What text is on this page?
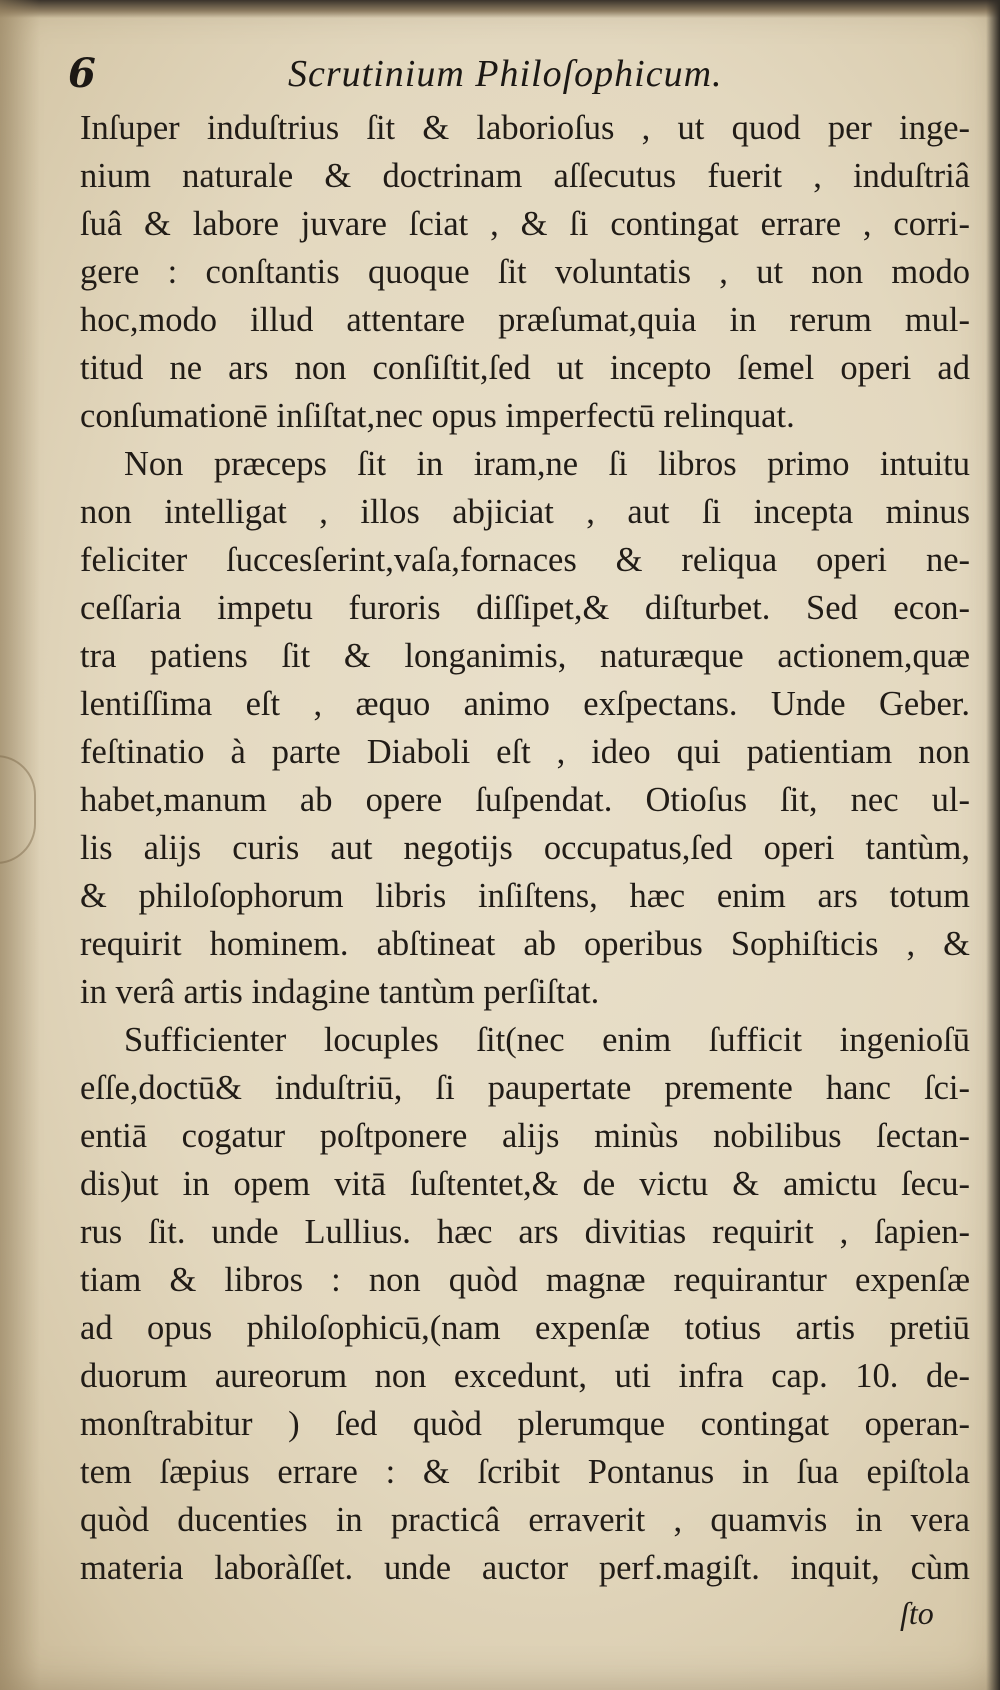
6	Scrutinium Philoſophicum.
Inſuper induſtrius ſit & laborioſus , ut quod per inge-
nium naturale & doctrinam aſſecutus fuerit , induſtriâ
ſuâ & labore juvare ſciat , & ſi contingat errare , corri-
gere : conſtantis quoque ſit voluntatis , ut non modo
hoc,modo illud attentare præſumat,quia in rerum mul-
titud ne ars non conſiſtit,ſed ut incepto ſemel operi ad
conſumationē inſiſtat,nec opus imperfectū relinquat.
Non præceps ſit in iram,ne ſi libros primo intuitu
non intelligat , illos abjiciat , aut ſi incepta minus
feliciter ſuccesſerint,vaſa,fornaces & reliqua operi ne-
ceſſaria impetu furoris diſſipet,& diſturbet. Sed econ-
tra patiens ſit & longanimis, naturæque actionem,quæ
lentiſſima eſt , æquo animo exſpectans. Unde Geber.
feſtinatio à parte Diaboli eſt , ideo qui patientiam non
habet,manum ab opere ſuſpendat. Otioſus ſit, nec ul-
lis alijs curis aut negotijs occupatus,ſed operi tantùm,
& philoſophorum libris inſiſtens, hæc enim ars totum
requirit hominem. abſtineat ab operibus Sophiſticis , &
in verâ artis indagine tantùm perſiſtat.
Sufficienter locuples ſit(nec enim ſufficit ingenioſū
eſſe,doctū& induſtriū, ſi paupertate premente hanc ſci-
entiā cogatur poſtponere alijs minùs nobilibus ſectan-
dis)ut in opem vitā ſuſtentet,& de victu & amictu ſecu-
rus ſit. unde Lullius. hæc ars divitias requirit , ſapien-
tiam & libros : non quòd magnæ requirantur expenſæ
ad opus philoſophicū,(nam expenſæ totius artis pretiū
duorum aureorum non excedunt, uti infra cap. 10. de-
monſtrabitur ) ſed quòd plerumque contingat operan-
tem ſæpius errare : & ſcribit Pontanus in ſua epiſtola
quòd ducenties in practicâ erraverit , quamvis in vera
materia laboràſſet. unde auctor perf.magiſt. inquit, cùm
ſto
